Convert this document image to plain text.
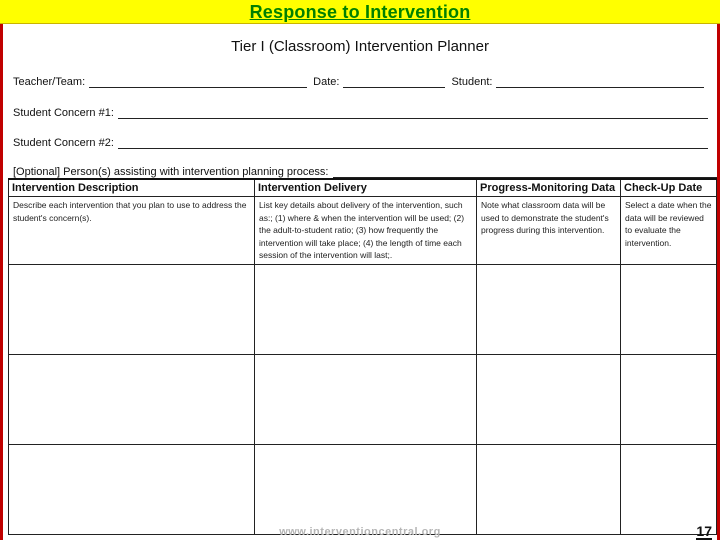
Response to Intervention
Tier I (Classroom) Intervention Planner
Teacher/Team:	Date:	Student:
Student Concern #1:
Student Concern #2:
[Optional] Person(s) assisting with intervention planning process:
Intervention Description	Intervention Delivery	Progress-Monitoring Data	Check-Up Date
Describe each intervention that you plan to use to address the student's concern(s).	List key details about delivery of the intervention, such as:; (1) where & when the intervention will be used; (2) the adult-to-student ratio; (3) how frequently the intervention will take place; (4) the length of time each session of the intervention will last;.	Note what classroom data will be used to demonstrate the student's progress during this intervention.	Select a date when the data will be reviewed to evaluate the intervention.

www.interventioncentral.org	17
